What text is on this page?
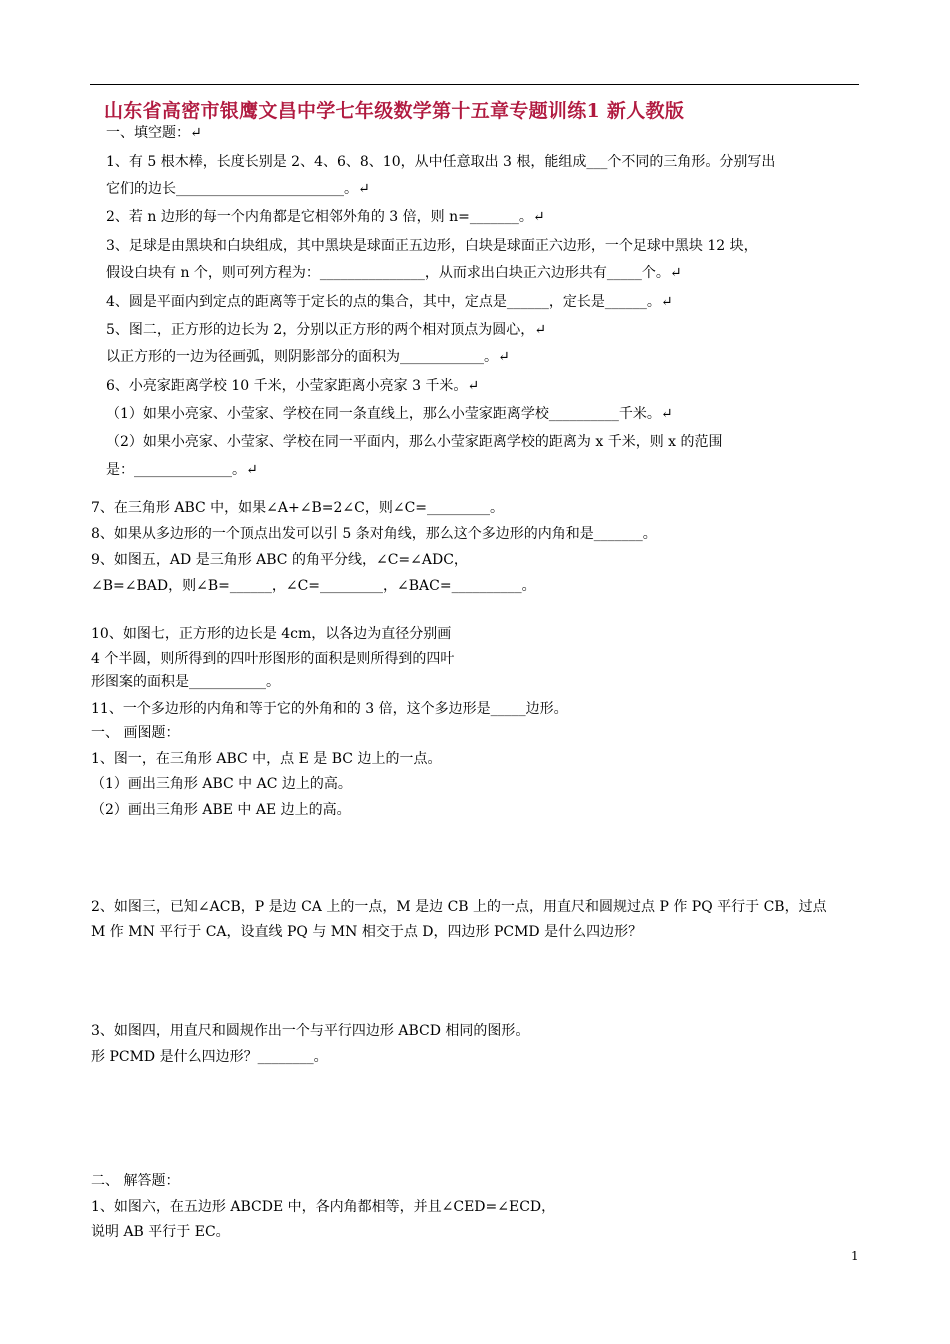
山东省高密市银鹰文昌中学七年级数学第十五章专题训练1 新人教版
一、填空题：↵
1、有 5 根木棒，长度长别是 2、4、6、8、10，从中任意取出 3 根，能组成___个不同的三角形。分别写出
它们的边长________________________。↵
2、若 n 边形的每一个内角都是它相邻外角的 3 倍，则 n=_______。↵
3、足球是由黑块和白块组成，其中黑块是球面正五边形，白块是球面正六边形，一个足球中黑块 12 块，
假设白块有 n 个，则可列方程为：_______________，从而求出白块正六边形共有_____个。↵
4、圆是平面内到定点的距离等于定长的点的集合，其中，定点是______，定长是______。↵
5、图二，正方形的边长为 2，分别以正方形的两个相对顶点为圆心，↵
以正方形的一边为径画弧，则阴影部分的面积为____________。↵
6、小亮家距离学校 10 千米，小莹家距离小亮家 3 千米。↵
（1）如果小亮家、小莹家、学校在同一条直线上，那么小莹家距离学校__________千米。↵
（2）如果小亮家、小莹家、学校在同一平面内，那么小莹家距离学校的距离为 x 千米，则 x 的范围
是：______________。↵
7、在三角形 ABC 中，如果∠A+∠B=2∠C，则∠C=_________。
8、如果从多边形的一个顶点出发可以引 5 条对角线，那么这个多边形的内角和是_______。
9、如图五，AD 是三角形 ABC 的角平分线，∠C=∠ADC，
∠B=∠BAD，则∠B=______，∠C=_________，∠BAC=__________。
10、如图七，正方形的边长是 4cm，以各边为直径分别画
4 个半圆，则所得到的四叶形图形的面积是则所得到的四叶
形图案的面积是___________。
11、一个多边形的内角和等于它的外角和的 3 倍，这个多边形是_____边形。
一、 画图题：
1、图一，在三角形 ABC 中，点 E 是 BC 边上的一点。
（1）画出三角形 ABC 中 AC 边上的高。
（2）画出三角形 ABE 中 AE 边上的高。
2、如图三，已知∠ACB，P 是边 CA 上的一点，M 是边 CB 上的一点，用直尺和圆规过点 P 作 PQ 平行于 CB，过点
M 作 MN 平行于 CA，设直线 PQ 与 MN 相交于点 D，四边形 PCMD 是什么四边形？
3、如图四，用直尺和圆规作出一个与平行四边形 ABCD 相同的图形。
形 PCMD 是什么四边形？________。
二、 解答题：
1、如图六，在五边形 ABCDE 中，各内角都相等，并且∠CED=∠ECD，
说明 AB 平行于 EC。
1
